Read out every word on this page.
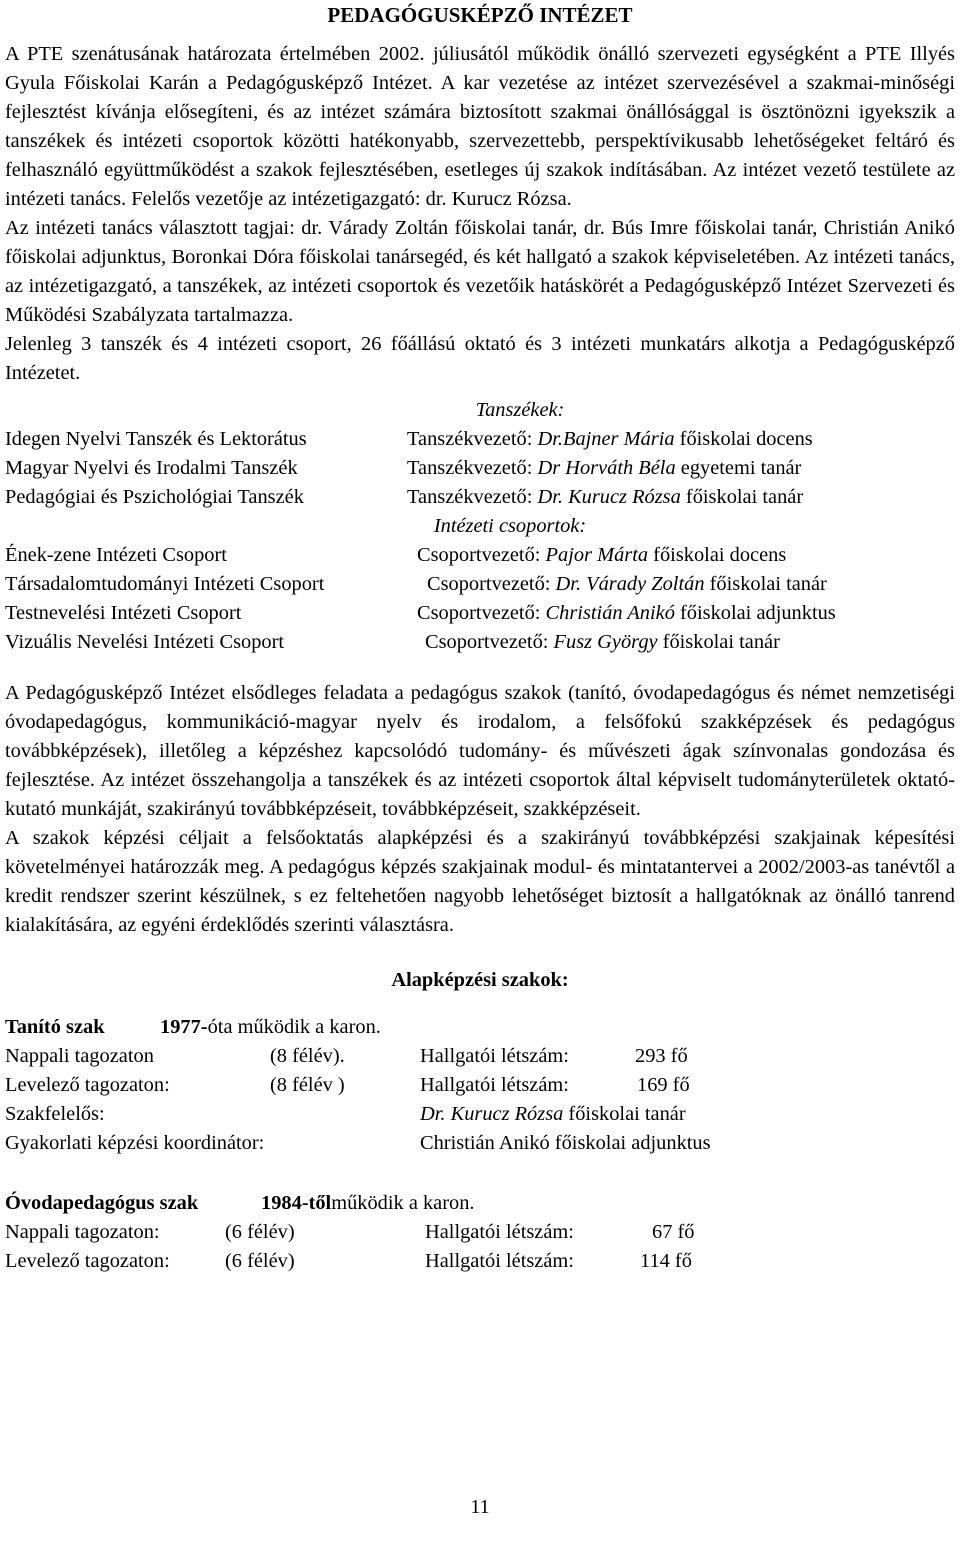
PEDAGÓGUSKÉPZŐ INTÉZET

A PTE szenátusának határozata értelmében 2002. júliusától működik önálló szervezeti egységként a PTE Illyés Gyula Főiskolai Karán a Pedagógusképző Intézet. A kar vezetése az intézet szervezésével a szakmai-minőségi fejlesztést kívánja elősegíteni, és az intézet számára biztosított szakmai önállósággal is ösztönözni igyekszik a tanszékek és intézeti csoportok közötti hatékonyabb, szervezettebb, perspektívikusabb lehetőségeket feltáró és felhasználó együttműködést a szakok fejlesztésében, esetleges új szakok indításában. Az intézet vezető testülete az intézeti tanács. Felelős vezetője az intézetigazgató: dr. Kurucz Rózsa.

Az intézeti tanács választott tagjai: dr. Várady Zoltán főiskolai tanár, dr. Bús Imre főiskolai tanár, Christián Anikó főiskolai adjunktus, Boronkai Dóra főiskolai tanársegéd, és két hallgató a szakok képviseletében. Az intézeti tanács, az intézetigazgató, a tanszékek, az intézeti csoportok és vezetőik hatáskörét a Pedagógusképző Intézet Szervezeti és Működési Szabályzata tartalmazza.

Jelenleg 3 tanszék és 4 intézeti csoport, 26 főállású oktató és 3 intézeti munkatárs alkotja a Pedagógusképző Intézetet.

Tanszékek:

Idegen Nyelvi Tanszék és Lektorátus	Tanszékvezető: Dr.Bajner Mária főiskolai docens
Magyar Nyelvi és Irodalmi Tanszék	Tanszékvezető: Dr Horváth Béla egyetemi tanár
Pedagógiai és Pszichológiai Tanszék	Tanszékvezető: Dr. Kurucz Rózsa főiskolai tanár

Intézeti csoportok:

Ének-zene Intézeti Csoport	Csoportvezető: Pajor Márta főiskolai docens
Társadalomtudományi Intézeti Csoport	Csoportvezető: Dr. Várady Zoltán főiskolai tanár
Testnevelési Intézeti Csoport	Csoportvezető: Christián Anikó főiskolai adjunktus
Vizuális Nevelési Intézeti Csoport	Csoportvezető: Fusz György főiskolai tanár

A Pedagógusképző Intézet elsődleges feladata a pedagógus szakok (tanító, óvodapedagógus és német nemzetiségi óvodapedagógus, kommunikáció-magyar nyelv és irodalom, a felsőfokú szakképzések és pedagógus továbbképzések), illetőleg a képzéshez kapcsolódó tudomány- és művészeti ágak színvonalas gondozása és fejlesztése. Az intézet összehangolja a tanszékek és az intézeti csoportok által képviselt tudományterületek oktató-kutató munkáját, szakirányú továbbképzéseit, továbbképzéseit, szakképzéseit.

A szakok képzési céljait a felsőoktatás alapképzési és a szakirányú továbbképzési szakjainak képesítési követelményei határozzák meg. A pedagógus képzés szakjainak modul- és mintatantervei a 2002/2003-as tanévtől a kredit rendszer szerint készülnek, s ez feltehetően nagyobb lehetőséget biztosít a hallgatóknak az önálló tanrend kialakítására, az egyéni érdeklődés szerinti választásra.

Alapképzési szakok:

Tanító szak	1977- óta működik a karon.
Nappali tagozaton	(8 félév).	Hallgatói létszám:	293 fő
Levelező tagozaton:	(8 félév )	Hallgatói létszám:	169 fő
Szakfelelős:	Dr. Kurucz Rózsa főiskolai tanár
Gyakorlati képzési koordinátor:	Christián Anikó főiskolai adjunktus
Óvodapedagógus szak	1984-től működik a karon.
Nappali tagozaton:	(6 félév)	Hallgatói létszám:	67 fő
Levelező tagozaton:	(6 félév)	Hallgatói létszám:	114 fő
11
